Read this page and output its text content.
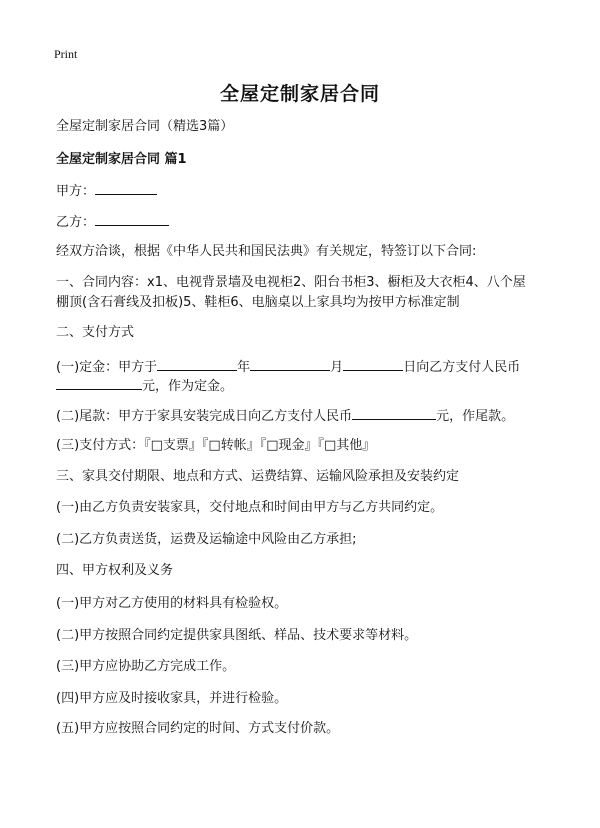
Print
全屋定制家居合同
全屋定制家居合同（精选3篇）
全屋定制家居合同 篇1
甲方：
乙方：
经双方洽谈，根据《中华人民共和国民法典》有关规定，特签订以下合同:
一、合同内容：x1、电视背景墙及电视柜2、阳台书柜3、橱柜及大衣柜4、八个屋
棚顶(含石膏线及扣板)5、鞋柜6、电脑桌以上家具均为按甲方标准定制
二、支付方式
(一)定金：甲方于	年	月	日向乙方支付人民币
元，作为定金。
(二)尾款：甲方于家具安装完成日向乙方支付人民币	元，作尾款。
(三)支付方式：『□支票』『□转帐』『□现金』『□其他』
三、家具交付期限、地点和方式、运费结算、运输风险承担及安装约定
(一)由乙方负责安装家具，交付地点和时间由甲方与乙方共同约定。
(二)乙方负责送货，运费及运输途中风险由乙方承担;
四、甲方权利及义务
(一)甲方对乙方使用的材料具有检验权。
(二)甲方按照合同约定提供家具图纸、样品、技术要求等材料。
(三)甲方应协助乙方完成工作。
(四)甲方应及时接收家具，并进行检验。
(五)甲方应按照合同约定的时间、方式支付价款。
